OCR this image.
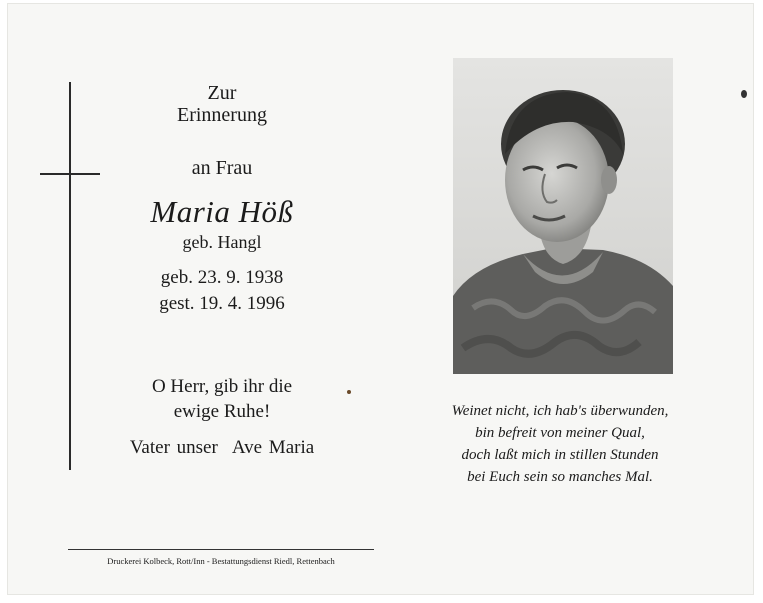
Zur
Erinnerung
an Frau
Maria Höß
geb. Hangl
geb. 23. 9. 1938
gest. 19. 4. 1996
O Herr, gib ihr die
ewige Ruhe!
Vater unser Ave Maria
Druckerei Kolbeck, Rott/Inn - Bestattungsdienst Riedl, Rettenbach
Weinet nicht, ich hab's überwunden,
bin befreit von meiner Qual,
doch laßt mich in stillen Stunden
bei Euch sein so manches Mal.
